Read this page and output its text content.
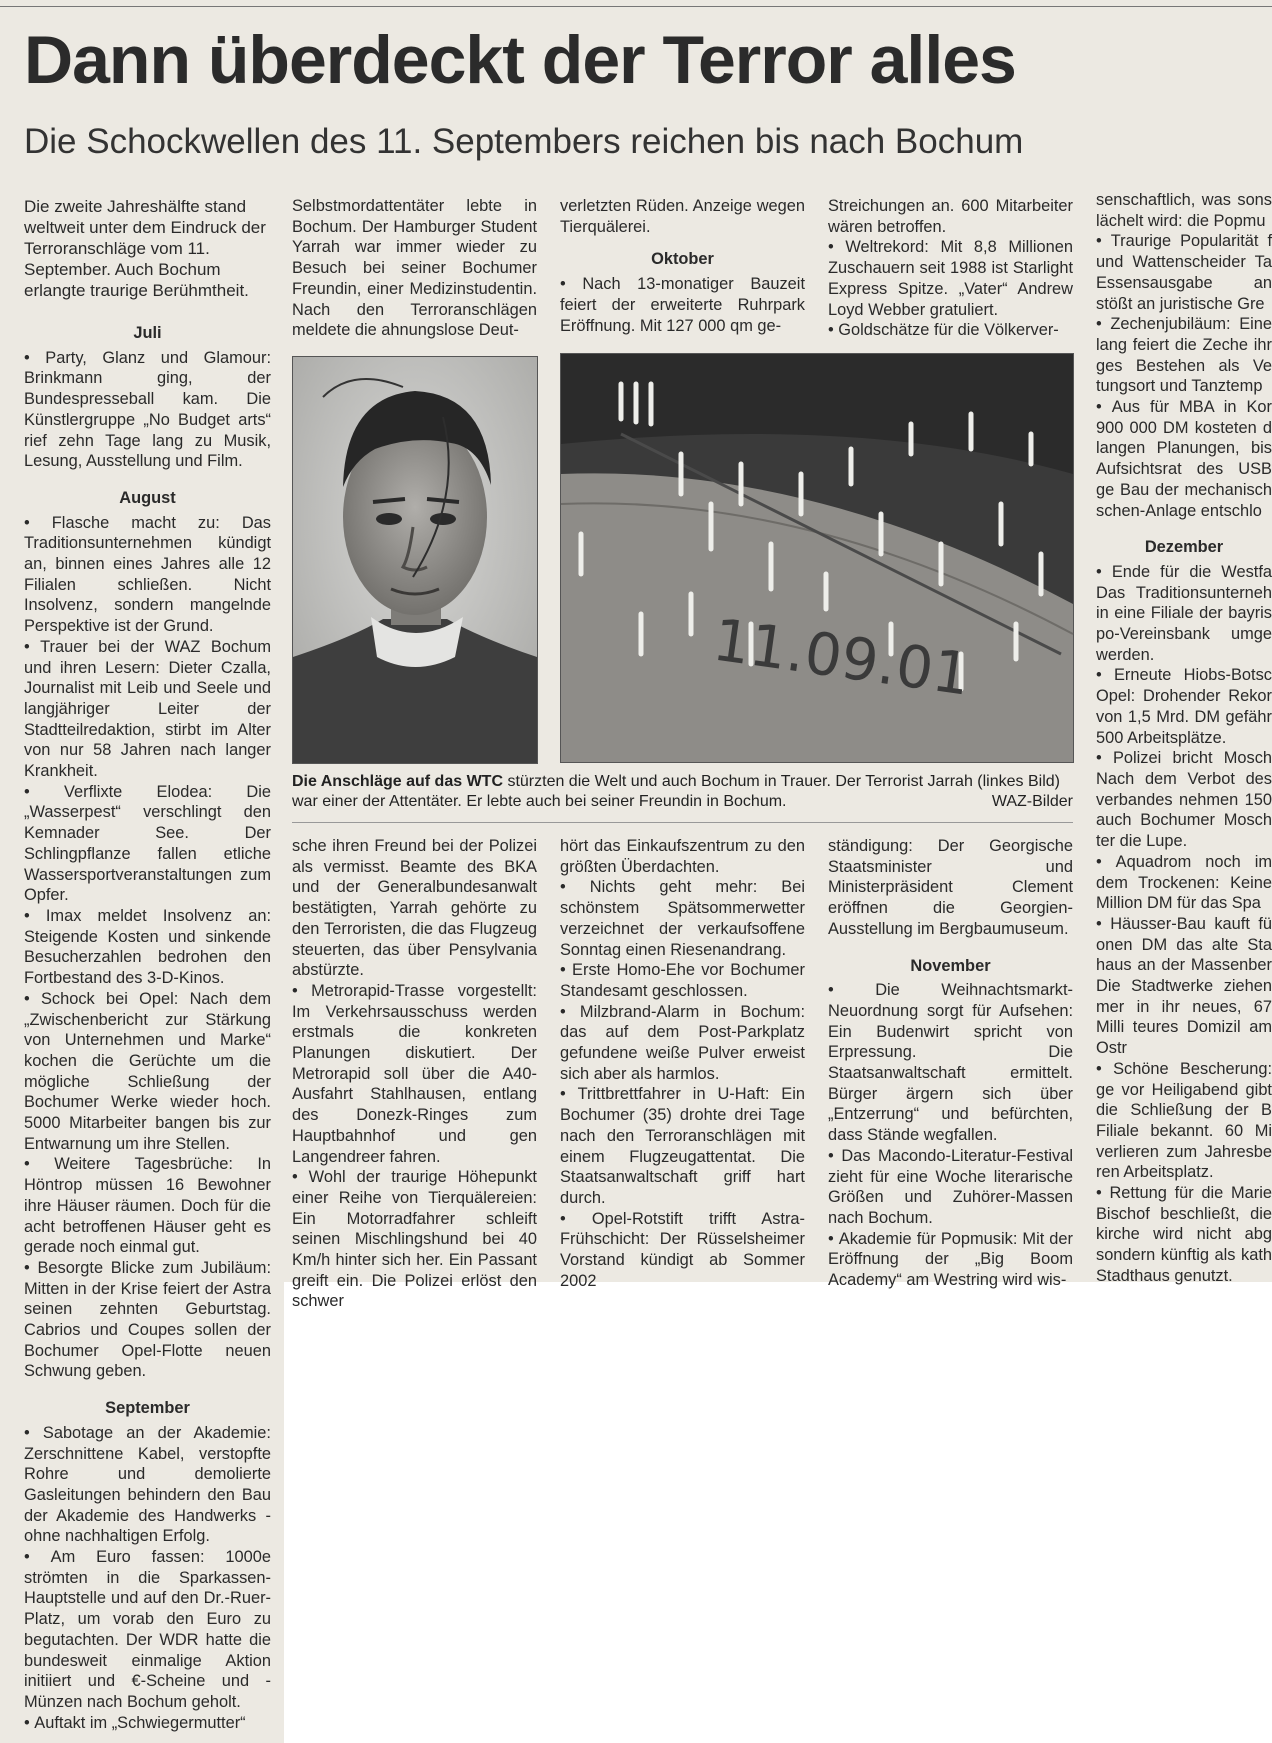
Dann überdeckt der Terror alles
Die Schockwellen des 11. Septembers reichen bis nach Bochum

Die zweite Jahreshälfte stand weltweit unter dem Eindruck der Terroranschläge vom 11. September. Auch Bochum erlangte traurige Berühmtheit.

Juli

• Party, Glanz und Glamour: Brinkmann ging, der Bundespresseball kam. Die Künstlergruppe „No Budget arts“ rief zehn Tage lang zu Musik, Lesung, Ausstellung und Film.

August

• Flasche macht zu: Das Traditionsunternehmen kündigt an, binnen eines Jahres alle 12 Filialen schließen. Nicht Insolvenz, sondern mangelnde Perspektive ist der Grund.

• Trauer bei der WAZ Bochum und ihren Lesern: Dieter Czalla, Journalist mit Leib und Seele und langjähriger Leiter der Stadtteilredaktion, stirbt im Alter von nur 58 Jahren nach langer Krankheit.

• Verflixte Elodea: Die „Wasserpest“ verschlingt den Kemnader See. Der Schlingpflanze fallen etliche Wassersportveranstaltungen zum Opfer.

• Imax meldet Insolvenz an: Steigende Kosten und sinkende Besucherzahlen bedrohen den Fortbestand des 3-D-Kinos.

• Schock bei Opel: Nach dem „Zwischenbericht zur Stärkung von Unternehmen und Marke“ kochen die Gerüchte um die mögliche Schließung der Bochumer Werke wieder hoch. 5000 Mitarbeiter bangen bis zur Entwarnung um ihre Stellen.

• Weitere Tagesbrüche: In Höntrop müssen 16 Bewohner ihre Häuser räumen. Doch für die acht betroffenen Häuser geht es gerade noch einmal gut.

• Besorgte Blicke zum Jubiläum: Mitten in der Krise feiert der Astra seinen zehnten Geburtstag. Cabrios und Coupes sollen der Bochumer Opel-Flotte neuen Schwung geben.

September

• Sabotage an der Akademie: Zerschnittene Kabel, verstopfte Rohre und demolierte Gasleitungen behindern den Bau der Akademie des Handwerks - ohne nachhaltigen Erfolg.

• Am Euro fassen: 1000e strömten in die Sparkassen-Hauptstelle und auf den Dr.-Ruer-Platz, um vorab den Euro zu begutachten. Der WDR hatte die bundesweit einmalige Aktion initiiert und €-Scheine und -Münzen nach Bochum geholt.

• Auftakt im „Schwiegermutter“

Selbstmordattentäter lebte in Bochum. Der Hamburger Student Yarrah war immer wieder zu Besuch bei seiner Bochumer Freundin, einer Medizinstudentin. Nach den Terroranschlägen meldete die ahnungslose Deut-

verletzten Rüden. Anzeige wegen Tierquälerei.

Oktober

• Nach 13-monatiger Bauzeit feiert der erweiterte Ruhrpark Eröffnung. Mit 127 000 qm ge-

Streichungen an. 600 Mitarbeiter wären betroffen.

• Weltrekord: Mit 8,8 Millionen Zuschauern seit 1988 ist Starlight Express Spitze. „Vater“ Andrew Loyd Webber gratuliert.

• Goldschätze für die Völkerver-

11.09.01
Die Anschläge auf das WTC stürzten die Welt und auch Bochum in Trauer. Der Terrorist Jarrah (linkes Bild) war einer der Attentäter. Er lebte auch bei seiner Freundin in Bochum.	WAZ-Bilder

sche ihren Freund bei der Polizei als vermisst. Beamte des BKA und der Generalbundesanwalt bestätigten, Yarrah gehörte zu den Terroristen, die das Flugzeug steuerten, das über Pensylvania abstürzte.

• Metrorapid-Trasse vorgestellt: Im Verkehrsausschuss werden erstmals die konkreten Planungen diskutiert. Der Metrorapid soll über die A40-Ausfahrt Stahlhausen, entlang des Donezk-Ringes zum Hauptbahnhof und gen Langendreer fahren.

• Wohl der traurige Höhepunkt einer Reihe von Tierquälereien: Ein Motorradfahrer schleift seinen Mischlingshund bei 40 Km/h hinter sich her. Ein Passant greift ein. Die Polizei erlöst den schwer

hört das Einkaufszentrum zu den größten Überdachten.

• Nichts geht mehr: Bei schönstem Spätsommerwetter verzeichnet der verkaufsoffene Sonntag einen Riesenandrang.

• Erste Homo-Ehe vor Bochumer Standesamt geschlossen.

• Milzbrand-Alarm in Bochum: das auf dem Post-Parkplatz gefundene weiße Pulver erweist sich aber als harmlos.

• Trittbrettfahrer in U-Haft: Ein Bochumer (35) drohte drei Tage nach den Terroranschlägen mit einem Flugzeugattentat. Die Staatsanwaltschaft griff hart durch.

• Opel-Rotstift trifft Astra-Frühschicht: Der Rüsselsheimer Vorstand kündigt ab Sommer 2002

ständigung: Der Georgische Staatsminister und Ministerpräsident Clement eröffnen die Georgien-Ausstellung im Bergbaumuseum.

November

• Die Weihnachtsmarkt-Neuordnung sorgt für Aufsehen: Ein Budenwirt spricht von Erpressung. Die Staatsanwaltschaft ermittelt. Bürger ärgern sich über „Entzerrung“ und befürchten, dass Stände wegfallen.

• Das Macondo-Literatur-Festival zieht für eine Woche literarische Größen und Zuhörer-Massen nach Bochum.

• Akademie für Popmusik: Mit der Eröffnung der „Big Boom Academy“ am Westring wird wis-

senschaftlich, was sons lächelt wird: die Popmu

• Traurige Popularität f und Wattenscheider Ta Essensausgabe an stößt an juristische Gre

• Zechenjubiläum: Eine lang feiert die Zeche ihr ges Bestehen als Ve tungsort und Tanztemp

• Aus für MBA in Kor 900 000 DM kosteten d langen Planungen, bis Aufsichtsrat des USB ge Bau der mechanisch schen-Anlage entschlo

Dezember

• Ende für die Westfa Das Traditionsunterneh in eine Filiale der bayris po-Vereinsbank umge werden.

• Erneute Hiobs-Botsc Opel: Drohender Rekor von 1,5 Mrd. DM gefähr 500 Arbeitsplätze.

• Polizei bricht Mosch Nach dem Verbot des verbandes nehmen 150 auch Bochumer Mosch ter die Lupe.

• Aquadrom noch im dem Trockenen: Keine Million DM für das Spa

• Häusser-Bau kauft fü onen DM das alte Sta haus an der Massenber Die Stadtwerke ziehen mer in ihr neues, 67 Milli teures Domizil am Ostr

• Schöne Bescherung: ge vor Heiligabend gibt die Schließung der B Filiale bekannt. 60 Mi verlieren zum Jahresbe ren Arbeitsplatz.

• Rettung für die Marie Bischof beschließt, die kirche wird nicht abg sondern künftig als kath Stadthaus genutzt.
